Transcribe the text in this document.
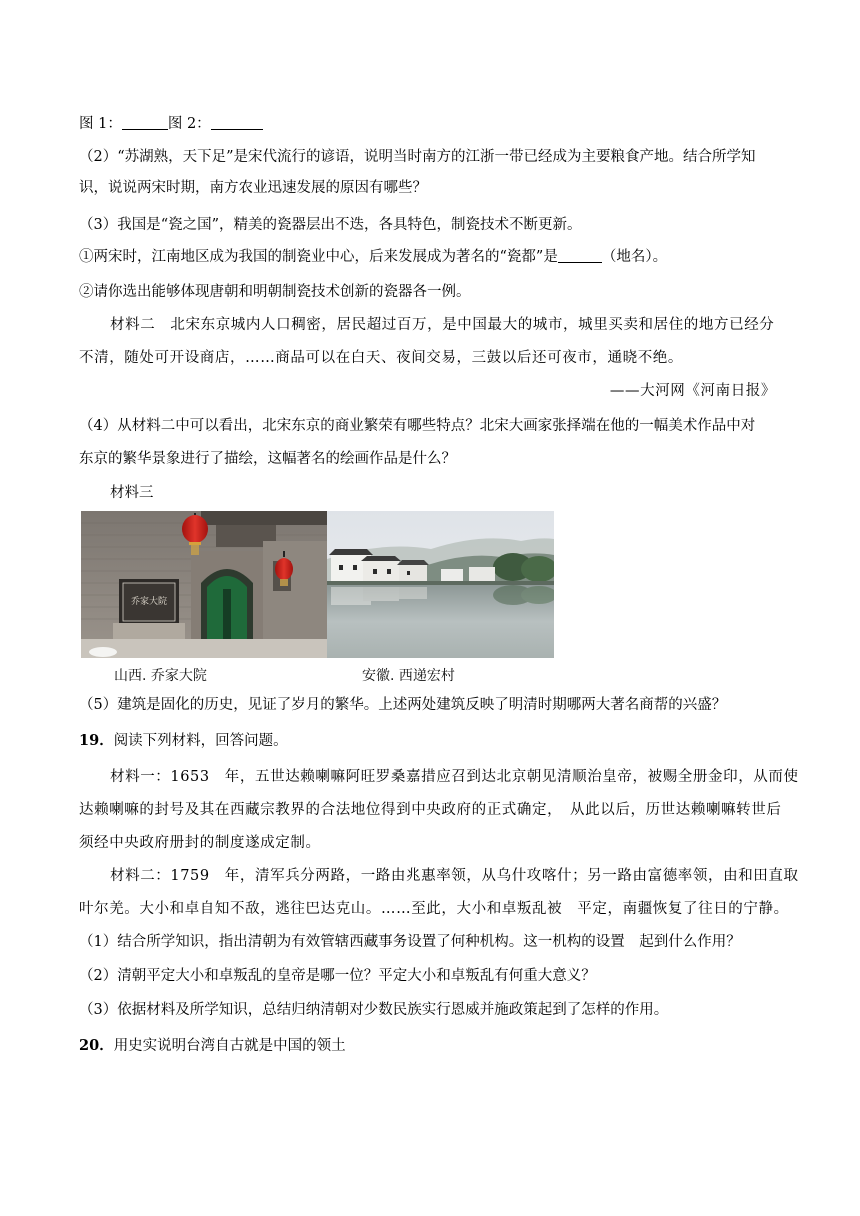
图 1：	图 2：
（2）“苏湖熟，天下足”是宋代流行的谚语，说明当时南方的江浙一带已经成为主要粮食产地。结合所学知
识，说说两宋时期，南方农业迅速发展的原因有哪些？
（3）我国是“瓷之国”，精美的瓷器层出不迭，各具特色，制瓷技术不断更新。
①两宋时，江南地区成为我国的制瓷业中心，后来发展成为著名的“瓷都”是	（地名）。
②请你选出能够体现唐朝和明朝制瓷技术创新的瓷器各一例。
材料二　北宋东京城内人口稠密，居民超过百万，是中国最大的城市，城里买卖和居住的地方已经分
不清，随处可开设商店，……商品可以在白天、夜间交易，三鼓以后还可夜市，通晓不绝。
——大河网《河南日报》
（4）从材料二中可以看出，北宋东京的商业繁荣有哪些特点？北宋大画家张择端在他的一幅美术作品中对
东京的繁华景象进行了描绘，这幅著名的绘画作品是什么？
材料三
乔家大院
山西. 乔家大院	安徽. 西递宏村
（5）建筑是固化的历史，见证了岁月的繁华。上述两处建筑反映了明清时期哪两大著名商帮的兴盛？
19．阅读下列材料，回答问题。
材料一：1653　年，五世达赖喇嘛阿旺罗桑嘉措应召到达北京朝见清顺治皇帝，被赐全册金印，从而使
达赖喇嘛的封号及其在西藏宗教界的合法地位得到中央政府的正式确定，　从此以后，历世达赖喇嘛转世后
须经中央政府册封的制度遂成定制。
材料二：1759　年，清军兵分两路，一路由兆惠率领，从乌什攻喀什；另一路由富德率领，由和田直取
叶尔羌。大小和卓自知不敌，逃往巴达克山。……至此，大小和卓叛乱被　平定，南疆恢复了往日的宁静。
（1）结合所学知识，指出清朝为有效管辖西藏事务设置了何种机构。这一机构的设置　起到什么作用？
（2）清朝平定大小和卓叛乱的皇帝是哪一位？平定大小和卓叛乱有何重大意义？
（3）依据材料及所学知识，总结归纳清朝对少数民族实行恩威并施政策起到了怎样的作用。
20．用史实说明台湾自古就是中国的领土
